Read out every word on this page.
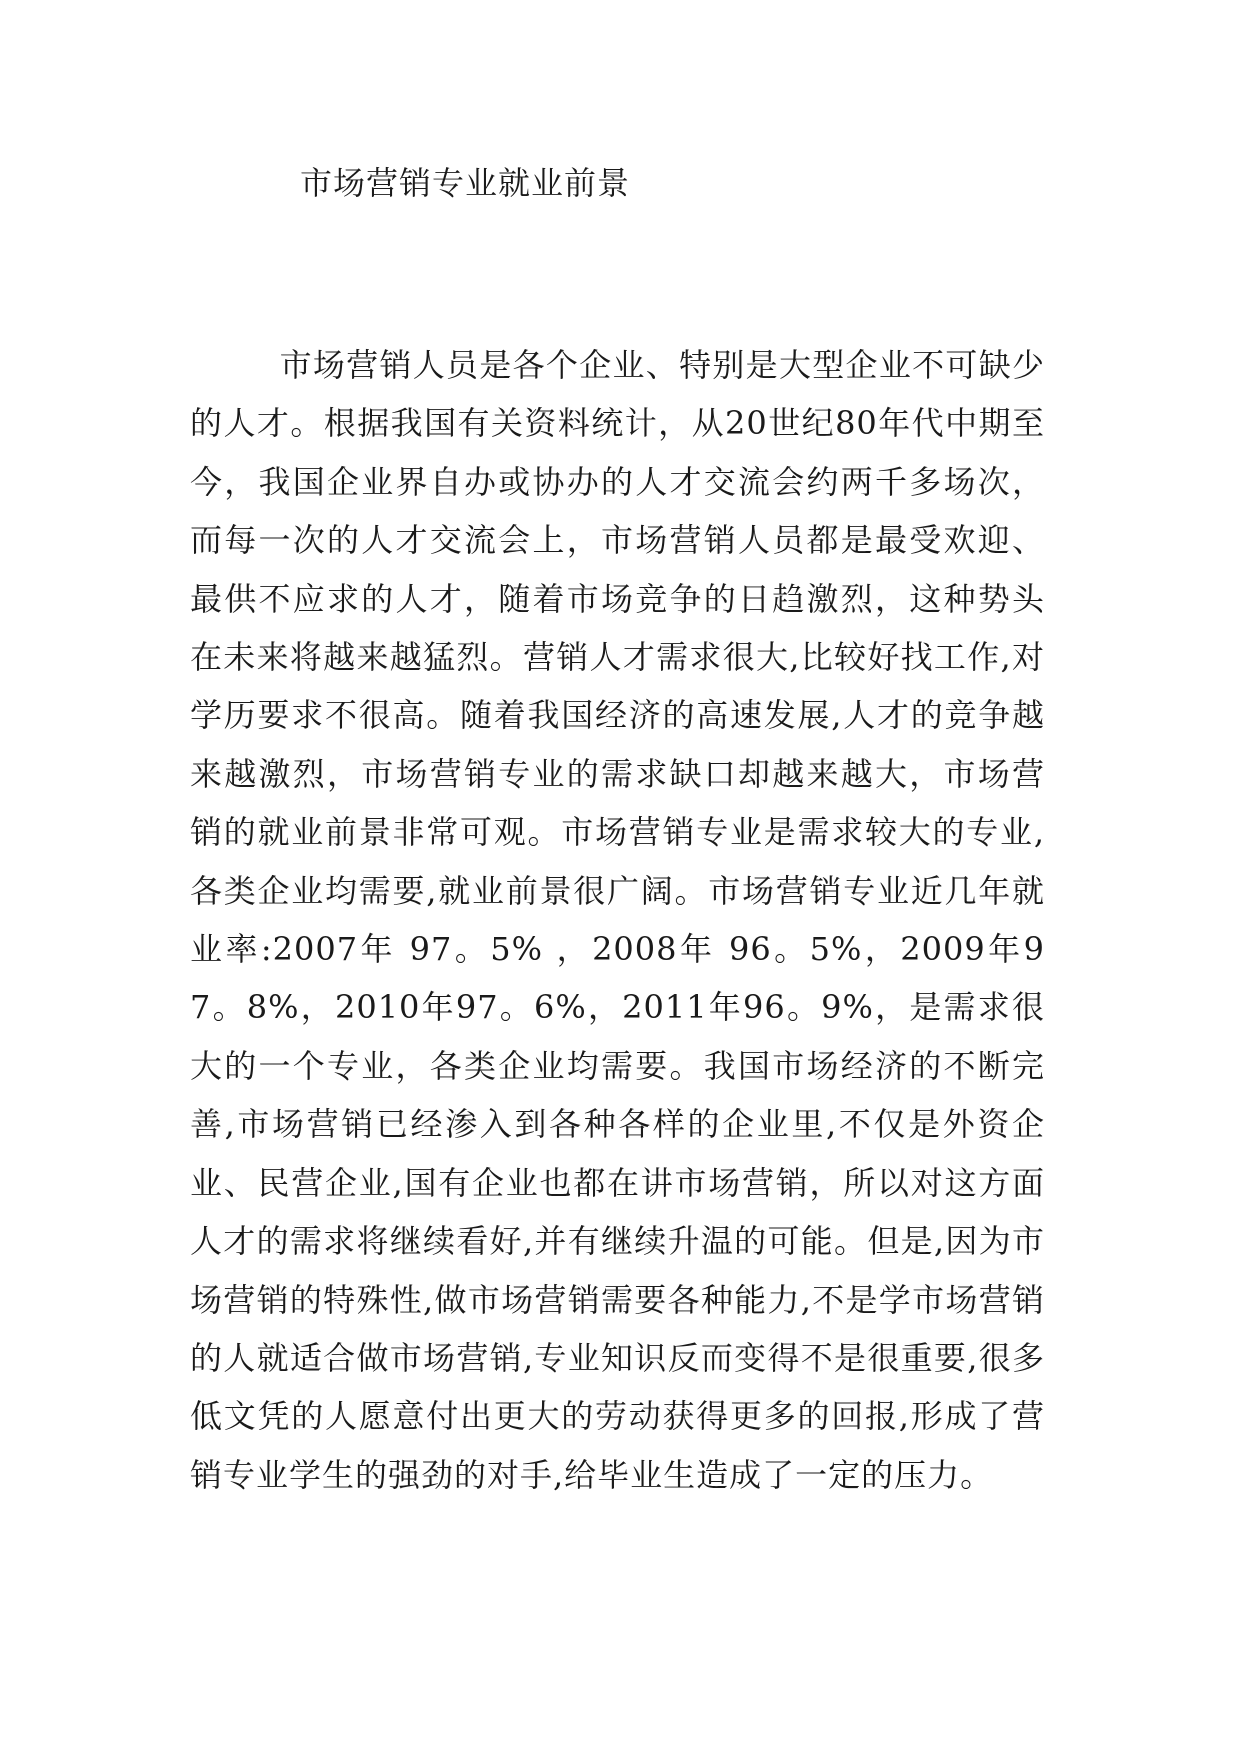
市场营销专业就业前景

市场营销人员是各个企业、特别是大型企业不可缺少的人才。根据我国有关资料统计，从20世纪80年代中期至今，我国企业界自办或协办的人才交流会约两千多场次，而每一次的人才交流会上，市场营销人员都是最受欢迎、最供不应求的人才，随着市场竞争的日趋激烈，这种势头在未来将越来越猛烈。营销人才需求很大,比较好找工作,对学历要求不很高。随着我国经济的高速发展,人才的竞争越来越激烈，市场营销专业的需求缺口却越来越大，市场营销的就业前景非常可观。市场营销专业是需求较大的专业,各类企业均需要,就业前景很广阔。市场营销专业近几年就业率:2007年 97。5% ，2008年 96。5%，2009年97。8%，2010年97。6%，2011年96。9%，是需求很大的一个专业，各类企业均需要。我国市场经济的不断完善,市场营销已经渗入到各种各样的企业里,不仅是外资企业、民营企业,国有企业也都在讲市场营销，所以对这方面人才的需求将继续看好,并有继续升温的可能。但是,因为市场营销的特殊性,做市场营销需要各种能力,不是学市场营销的人就适合做市场营销,专业知识反而变得不是很重要,很多低文凭的人愿意付出更大的劳动获得更多的回报,形成了营销专业学生的强劲的对手,给毕业生造成了一定的压力。
